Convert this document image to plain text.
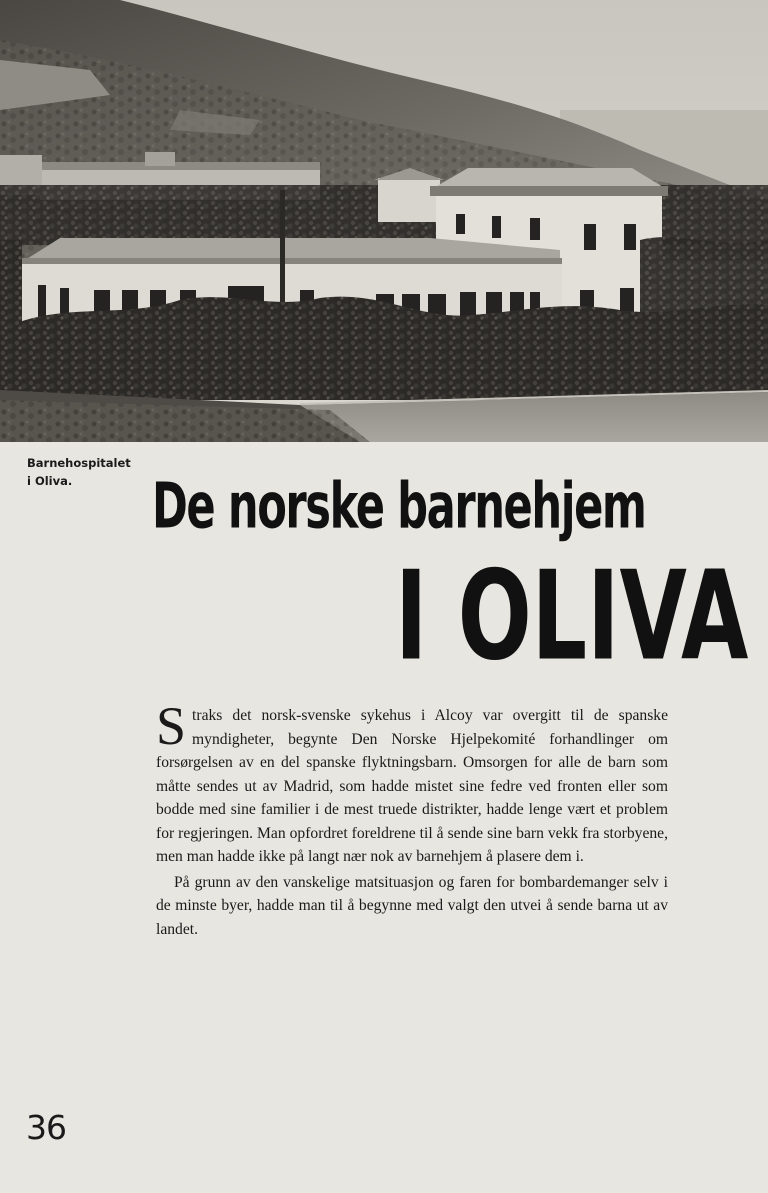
Barnehospitalet
i Oliva.	De norske barnehjem
I OLIVA

Straks det norsk-svenske sykehus i Alcoy var overgitt til de spanske myndigheter, begynte Den Norske Hjelpekomité forhandlinger om forsørgelsen av en del spanske flyktningsbarn. Omsorgen for alle de barn som måtte sendes ut av Madrid, som hadde mistet sine fedre ved fronten eller som bodde med sine familier i de mest truede distrikter, hadde lenge vært et problem for regjeringen. Man opfordret foreldrene til å sende sine barn vekk fra storbyene, men man hadde ikke på langt nær nok av barnehjem å plasere dem i.

På grunn av den vanskelige matsituasjon og faren for bombardemanger selv i de minste byer, hadde man til å begynne med valgt den utvei å sende barna ut av landet.

36
